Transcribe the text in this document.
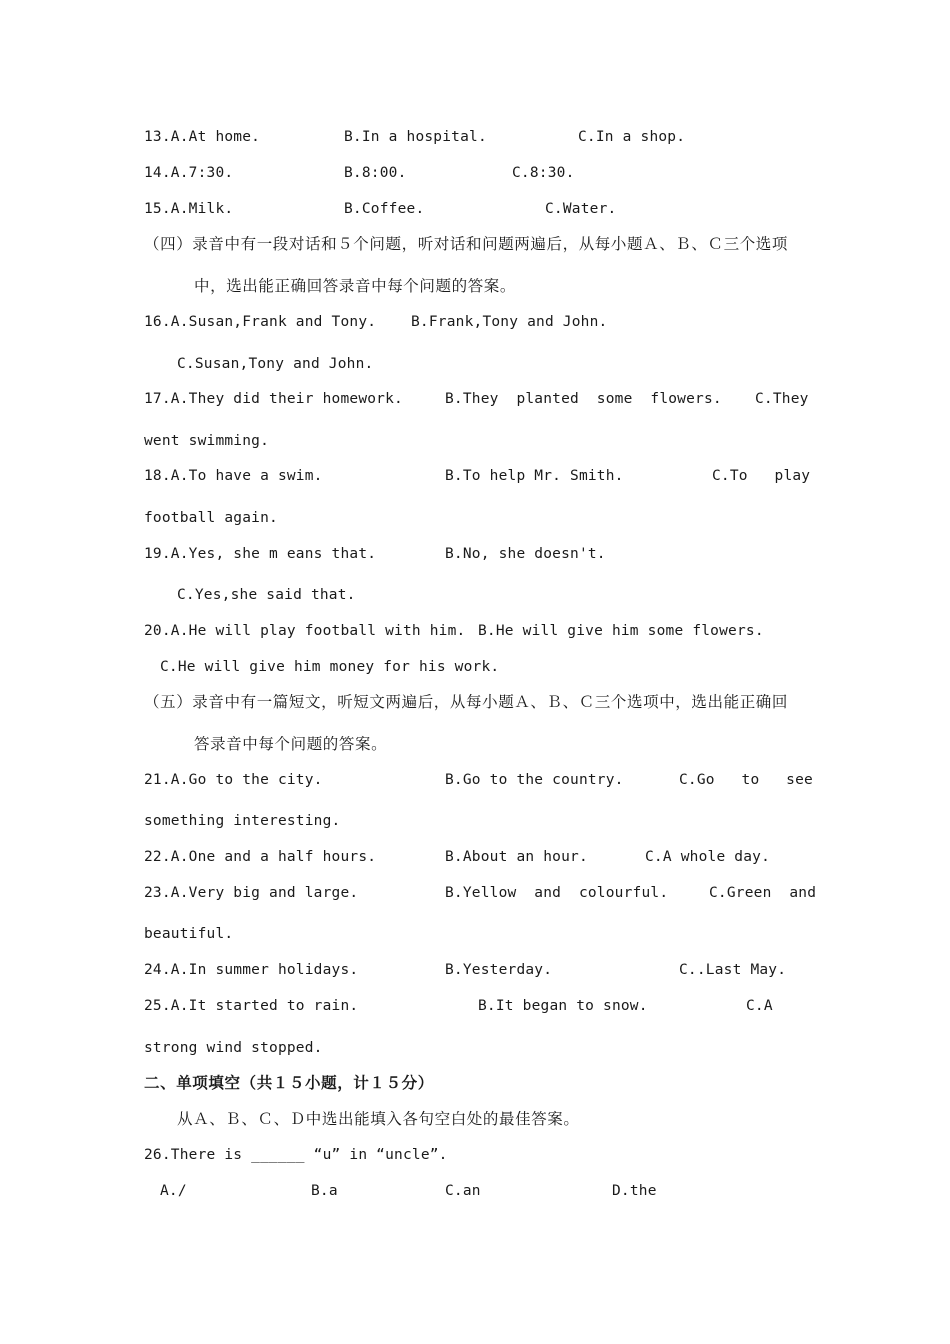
13.A.At home.	B.In a hospital.	C.In a shop.
14.A.7:30.	B.8:00.	C.8:30.
15.A.Milk.	B.Coffee.	C.Water.
（四）录音中有一段对话和５个问题，听对话和问题两遍后，从每小题Ａ、Ｂ、Ｃ三个选项
中，选出能正确回答录音中每个问题的答案。
16.A.Susan,Frank and Tony. B.Frank,Tony and John.
C.Susan,Tony and John.
17.A.They did their homework.	B.They  planted  some  flowers. C.They
went swimming.
18.A.To have a swim.	B.To help Mr. Smith.	C.To   play
football again.
19.A.Yes, she m eans that.	B.No, she doesn't.
C.Yes,she said that.
20.A.He will play football with him. B.He will give him some flowers.
C.He will give him money for his work.
（五）录音中有一篇短文，听短文两遍后，从每小题Ａ、Ｂ、Ｃ三个选项中，选出能正确回
答录音中每个问题的答案。
21.A.Go to the city.	B.Go to the country.	C.Go   to   see
something interesting.
22.A.One and a half hours.	B.About an hour.	C.A whole day.
23.A.Very big and large.	B.Yellow  and  colourful.	C.Green  and
beautiful.
24.A.In summer holidays.	B.Yesterday.	C..Last May.
25.A.It started to rain.	B.It began to snow.	C.A
strong wind stopped.
二、单项填空（共１５小题，计１５分）
从Ａ、Ｂ、Ｃ、Ｄ中选出能填入各句空白处的最佳答案。
26.There is ______ “u” in “uncle”.
A./	B.a	C.an	D.the
